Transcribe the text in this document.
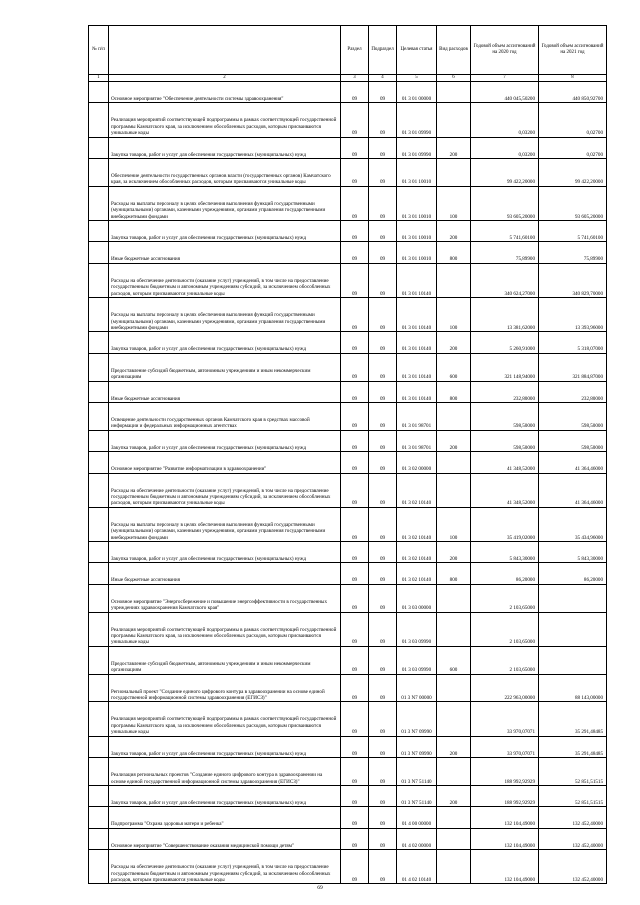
№ п/п		Раздел	Подраздел	Целевая статья	Вид расходов	Годовой объем ассигнований на 2020 год	Годовой объем ассигнований на 2021 год
1	2	3	4	5	6	7	8
	Основное мероприятие "Обеспечение деятельности системы здравоохранения"	09	09	01 3 01 00000		440 045,50200	440 850,92700
	Реализация мероприятий соответствующей подпрограммы в рамках соответствующей государственной программы Камчатского края, за исключением обособленных расходов, которым присваиваются уникальные коды	09	09	01 3 01 09990		0,03200	0,02700
	Закупка товаров, работ и услуг для обеспечения государственных (муниципальных) нужд	09	09	01 3 01 09990	200	0,03200	0,02700
	Обеспечение деятельности государственных органов власти (государственных органов) Камчатского края, за исключением обособленных расходов, которым присваиваются уникальные коды	09	09	01 3 01 10010		99 422,20000	99 422,20000
	Расходы на выплаты персоналу в целях обеспечения выполнения функций государственными (муниципальными) органами, казенными учреждениями, органами управления государственными внебюджетными фондами	09	09	01 3 01 10010	100	93 605,20000	93 605,20000
	Закупка товаров, работ и услуг для обеспечения государственных (муниципальных) нужд	09	09	01 3 01 10010	200	5 741,60100	5 741,60100
	Иные бюджетные ассигнования	09	09	01 3 01 10010	800	75,89900	75,89900
	Расходы на обеспечение деятельности (оказание услуг) учреждений, в том числе на предоставление государственным бюджетным и автономным учреждениям субсидий, за исключением обособленных расходов, которым присваиваются уникальные коды	09	09	01 3 01 10140		340 624,27000	340 829,70000
	Расходы на выплаты персоналу в целях обеспечения выполнения функций государственными (муниципальными) органами, казенными учреждениями, органами управления государственными внебюджетными фондами	09	09	01 3 01 10140	100	13 381,62000	13 393,96000
	Закупка товаров, работ и услуг для обеспечения государственных (муниципальных) нужд	09	09	01 3 01 10140	200	5 260,91000	5 318,07000
	Предоставление субсидий бюджетным, автономным учреждениям и иным некоммерческим организациям	09	09	01 3 01 10140	600	321 148,94000	321 884,87000
	Иные бюджетные ассигнования	09	09	01 3 01 10140	800	232,80000	232,80000
	Освещение деятельности государственных органов Камчатского края в средствах массовой информации и федеральных информационных агентствах	09	09	01 3 01 98701		598,50000	598,50000
	Закупка товаров, работ и услуг для обеспечения государственных (муниципальных) нужд	09	09	01 3 01 98701	200	598,50000	598,50000
	Основное мероприятие "Развитие информатизации в здравоохранении"	09	09	01 3 02 00000		41 348,52000	41 364,46000
	Расходы на обеспечение деятельности (оказание услуг) учреждений, в том числе на предоставление государственным бюджетным и автономным учреждениям субсидий, за исключением обособленных расходов, которым присваиваются уникальные коды	09	09	01 3 02 10140		41 348,52000	41 364,46000
	Расходы на выплаты персоналу в целях обеспечения выполнения функций государственными (муниципальными) органами, казенными учреждениями, органами управления государственными внебюджетными фондами	09	09	01 3 02 10140	100	35 419,02000	35 434,96000
	Закупка товаров, работ и услуг для обеспечения государственных (муниципальных) нужд	09	09	01 3 02 10140	200	5 843,30000	5 843,30000
	Иные бюджетные ассигнования	09	09	01 3 02 10140	800	86,20000	86,20000
	Основное мероприятие "Энергосбережение и повышение энергоэффективности в государственных учреждениях здравоохранения Камчатского края"	09	09	01 3 03 00000		2 103,65000	
	Реализация мероприятий соответствующей подпрограммы в рамках соответствующей государственной программы Камчатского края, за исключением обособленных расходов, которым присваиваются уникальные коды	09	09	01 3 03 09990		2 103,65000	
	Предоставление субсидий бюджетным, автономным учреждениям и иным некоммерческим организациям	09	09	01 3 03 09990	600	2 103,65000	
	Региональный проект "Создание единого цифрового контура в здравоохранении на основе единой государственной информационной системы здравоохранения (ЕГИСЗ)"	09	09	01 3 N7 00000		222 963,00000	88 143,00000
	Реализация мероприятий соответствующей подпрограммы в рамках соответствующей государственной программы Камчатского края, за исключением обособленных расходов, которым присваиваются уникальные коды	09	09	01 3 N7 09990		33 970,07071	35 291,48485
	Закупка товаров, работ и услуг для обеспечения государственных (муниципальных) нужд	09	09	01 3 N7 09990	200	33 970,07071	35 291,48485
	Реализация региональных проектов "Создание единого цифрового контура в здравоохранении на основе единой государственной информационной системы здравоохранения (ЕГИСЗ)"	09	09	01 3 N7 51140		188 992,92929	52 851,51515
	Закупка товаров, работ и услуг для обеспечения государственных (муниципальных) нужд	09	09	01 3 N7 51140	200	188 992,92929	52 851,51515
	Подпрограмма "Охрана здоровья матери и ребенка"	09	09	01 4 00 00000		132 104,49000	132 452,40000
	Основное мероприятие "Совершенствование оказания медицинской помощи детям"	09	09	01 4 02 00000		132 104,49000	132 452,40000
	Расходы на обеспечение деятельности (оказание услуг) учреждений, в том числе на предоставление государственным бюджетным и автономным учреждениям субсидий, за исключением обособленных расходов, которым присваиваются уникальные коды	09	09	01 4 02 10140		132 104,49000	132 452,40000
69
